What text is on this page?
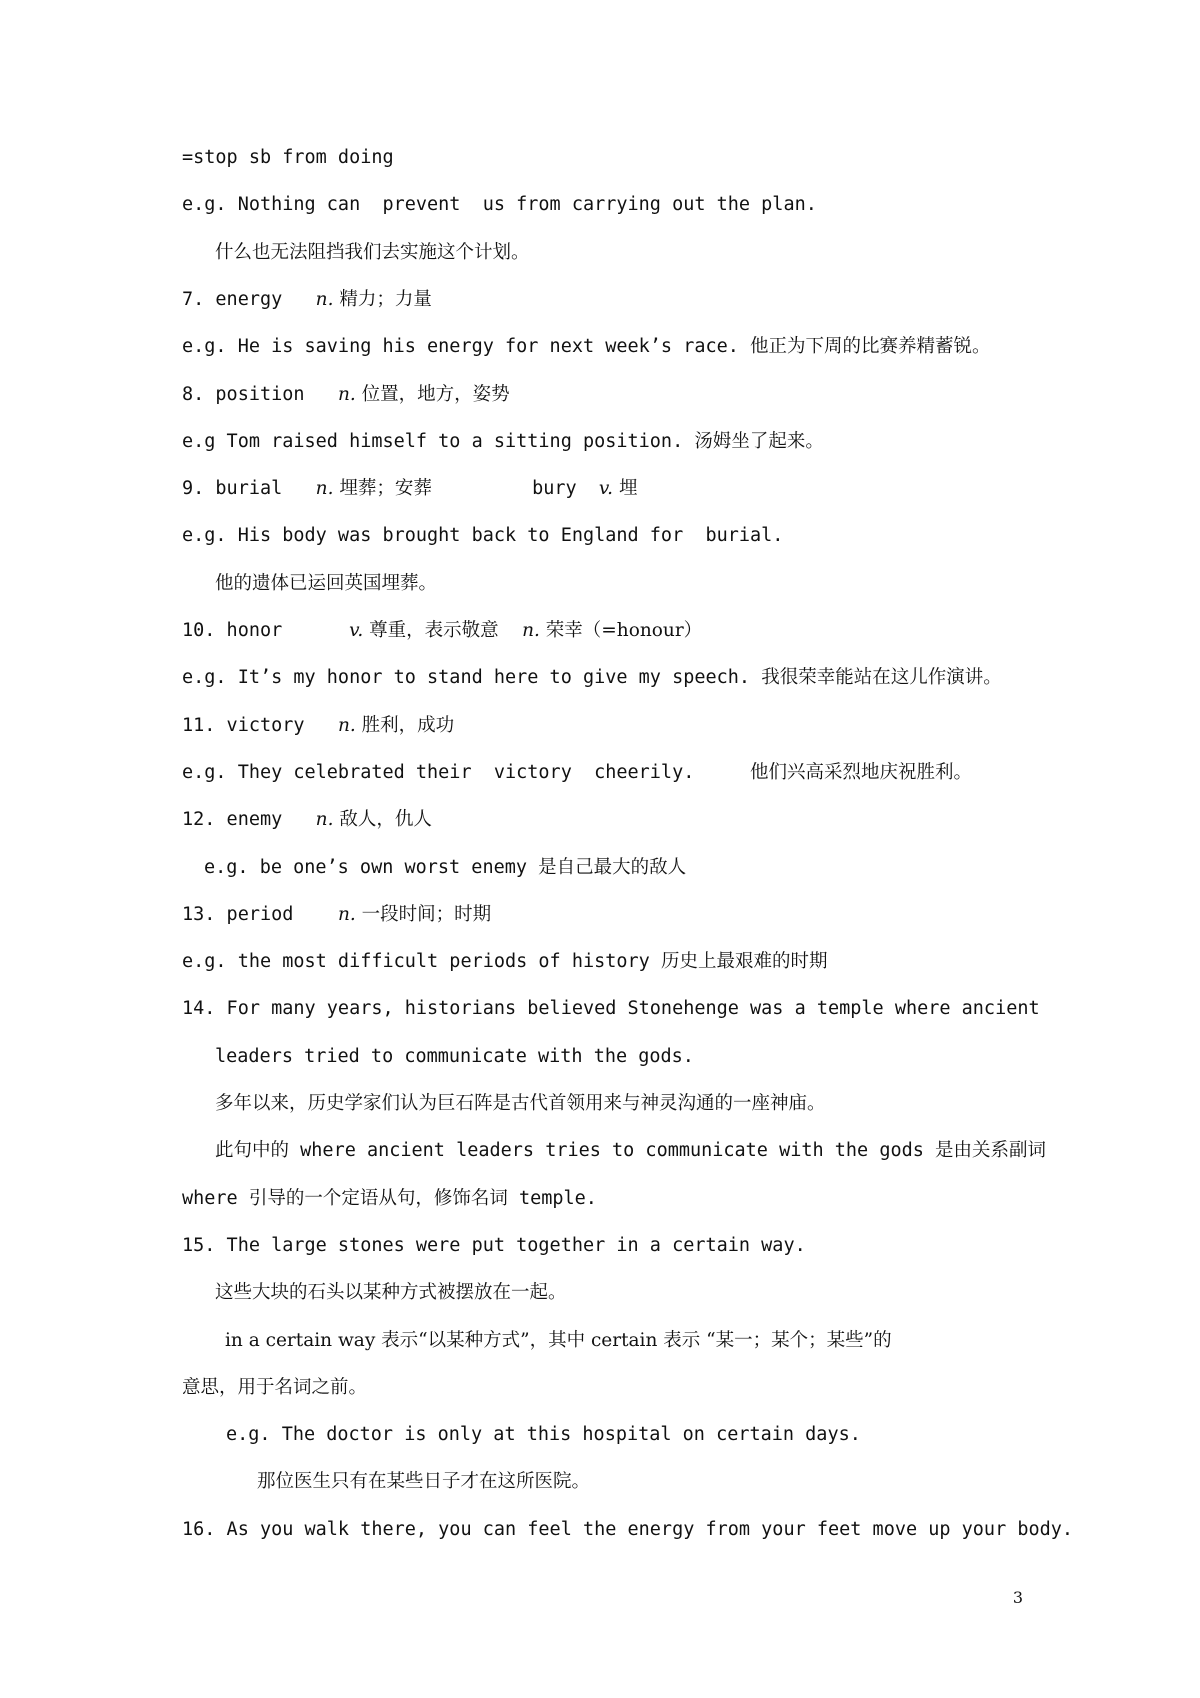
=stop sb from doing
e.g. Nothing can  prevent  us from carrying out the plan.
什么也无法阻挡我们去实施这个计划。
7. energy   n. 精力；力量
e.g. He is saving his energy for next week’s race. 他正为下周的比赛养精蓄锐。
8. position   n. 位置，地方，姿势
e.g Tom raised himself to a sitting position. 汤姆坐了起来。
9. burial   n. 埋葬；安葬         bury  v. 埋
e.g. His body was brought back to England for  burial.
他的遗体已运回英国埋葬。
10. honor      v. 尊重，表示敬意    n. 荣幸（=honour）
e.g. It’s my honor to stand here to give my speech. 我很荣幸能站在这儿作演讲。
11. victory   n. 胜利，成功
e.g. They celebrated their  victory  cheerily.     他们兴高采烈地庆祝胜利。
12. enemy   n. 敌人，仇人
e.g. be one’s own worst enemy 是自己最大的敌人
13. period    n. 一段时间；时期
e.g. the most difficult periods of history 历史上最艰难的时期
14. For many years, historians believed Stonehenge was a temple where ancient
leaders tried to communicate with the gods.
多年以来，历史学家们认为巨石阵是古代首领用来与神灵沟通的一座神庙。
此句中的 where ancient leaders tries to communicate with the gods 是由关系副词
where 引导的一个定语从句，修饰名词 temple.
15. The large stones were put together in a certain way.
这些大块的石头以某种方式被摆放在一起。
in a certain way 表示“以某种方式”，其中 certain 表示 “某一；某个；某些”的
意思，用于名词之前。
e.g. The doctor is only at this hospital on certain days.
那位医生只有在某些日子才在这所医院。
16. As you walk there, you can feel the energy from your feet move up your body.
3
